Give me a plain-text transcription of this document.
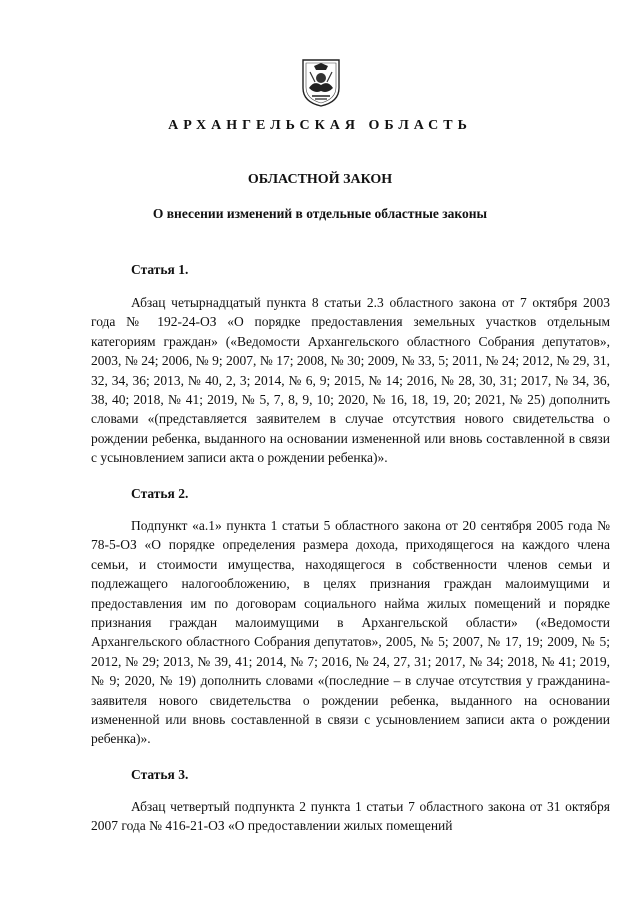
АРХАНГЕЛЬСКАЯ ОБЛАСТЬ
ОБЛАСТНОЙ ЗАКОН
О внесении изменений в отдельные областные законы
Статья 1.

Абзац четырнадцатый пункта 8 статьи 2.3 областного закона от 7 октября 2003 года № 192-24-ОЗ «О порядке предоставления земельных участков отдельным категориям граждан» («Ведомости Архангельского областного Собрания депутатов», 2003, № 24; 2006, № 9; 2007, № 17; 2008, № 30; 2009, № 33, 5; 2011, № 24; 2012, № 29, 31, 32, 34, 36; 2013, № 40, 2, 3; 2014, № 6, 9; 2015, № 14; 2016, № 28, 30, 31; 2017, № 34, 36, 38, 40; 2018, № 41; 2019, № 5, 7, 8, 9, 10; 2020, № 16, 18, 19, 20; 2021, № 25) дополнить словами «(представляется заявителем в случае отсутствия нового свидетельства о рождении ребенка, выданного на основании измененной или вновь составленной в связи с усыновлением записи акта о рождении ребенка)».

Статья 2.

Подпункт «а.1» пункта 1 статьи 5 областного закона от 20 сентября 2005 года № 78-5-ОЗ «О порядке определения размера дохода, приходящегося на каждого члена семьи, и стоимости имущества, находящегося в собственности членов семьи и подлежащего налогообложению, в целях признания граждан малоимущими и предоставления им по договорам социального найма жилых помещений и порядке признания граждан малоимущими в Архангельской области» («Ведомости Архангельского областного Собрания депутатов», 2005, № 5; 2007, № 17, 19; 2009, № 5; 2012, № 29; 2013, № 39, 41; 2014, № 7; 2016, № 24, 27, 31; 2017, № 34; 2018, № 41; 2019, № 9; 2020, № 19) дополнить словами «(последние – в случае отсутствия у гражданина-заявителя нового свидетельства о рождении ребенка, выданного на основании измененной или вновь составленной в связи с усыновлением записи акта о рождении ребенка)».

Статья 3.

Абзац четвертый подпункта 2 пункта 1 статьи 7 областного закона от 31 октября 2007 года № 416-21-ОЗ «О предоставлении жилых помещений
